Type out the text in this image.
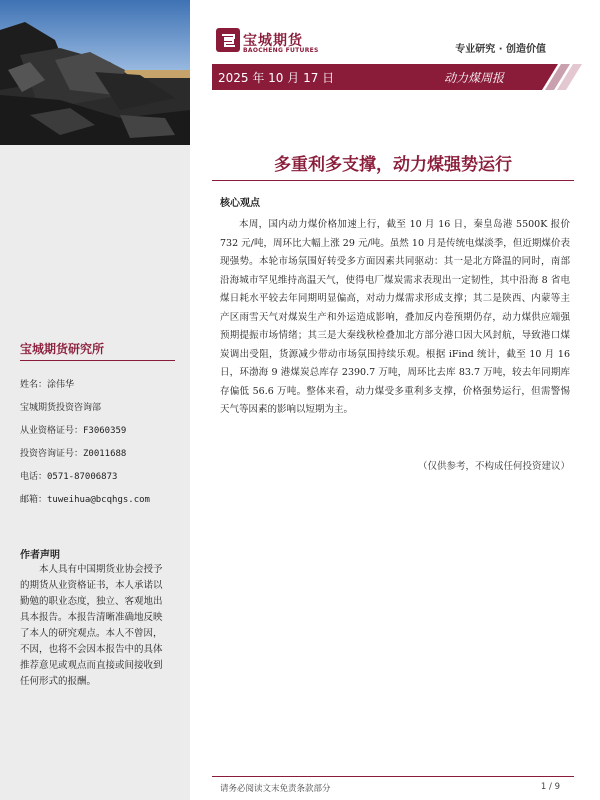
宝城期货研究所
姓名：涂伟华
宝城期货投资咨询部
从业资格证号：F3060359
投资咨询证号：Z0011688
电话：0571-87006873
邮箱：tuweihua@bcqhgs.com
作者声明
本人具有中国期货业协会授予的期货从业资格证书，本人承诺以勤勉的职业态度，独立、客观地出具本报告。本报告清晰准确地反映了本人的研究观点。本人不曾因，不因，也将不会因本报告中的具体推荐意见或观点而直接或间接收到任何形式的报酬。
宝城期货
BAOCHENG FUTURES	专业研究 · 创造价值
2025 年 10 月 17 日	动力煤周报
多重利多支撑，动力煤强势运行
核心观点
本周，国内动力煤价格加速上行，截至 10 月 16 日，秦皇岛港 5500K 报价 732 元/吨，周环比大幅上涨 29 元/吨。虽然 10 月是传统电煤淡季，但近期煤价表现强势。本轮市场氛围好转受多方面因素共同驱动：其一是北方降温的同时，南部沿海城市罕见维持高温天气，使得电厂煤炭需求表现出一定韧性，其中沿海 8 省电煤日耗水平较去年同期明显偏高，对动力煤需求形成支撑；其二是陕西、内蒙等主产区雨雪天气对煤炭生产和外运造成影响，叠加反内卷预期仍存，动力煤供应端强预期提振市场情绪；其三是大秦线秋检叠加北方部分港口因大风封航，导致港口煤炭调出受阻，货源减少带动市场氛围持续乐观。根据 iFind 统计，截至 10 月 16 日，环渤海 9 港煤炭总库存 2390.7 万吨，周环比去库 83.7 万吨，较去年同期库存偏低 56.6 万吨。整体来看，动力煤受多重利多支撑，价格强势运行，但需警惕天气等因素的影响以短期为主。
（仅供参考，不构成任何投资建议）
请务必阅读文末免责条款部分	1 / 9
